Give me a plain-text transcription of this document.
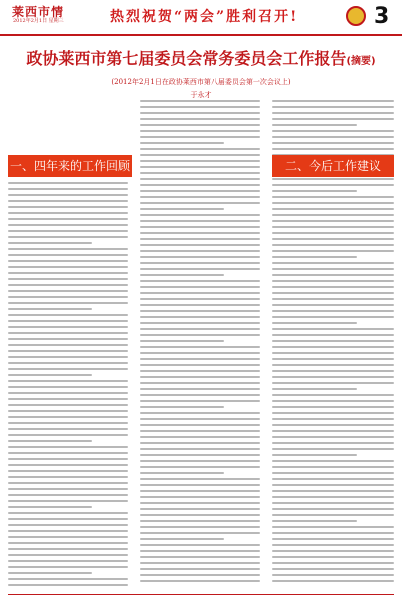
莱西市情
2012年2月1日 星期三	热烈祝贺“两会”胜利召开!	3
政协莱西市第七届委员会常务委员会工作报告(摘要)
(2012年2月1日在政协莱西市第八届委员会第一次会议上)
于永才
一、四年来的工作回顾	二、今后工作建议
